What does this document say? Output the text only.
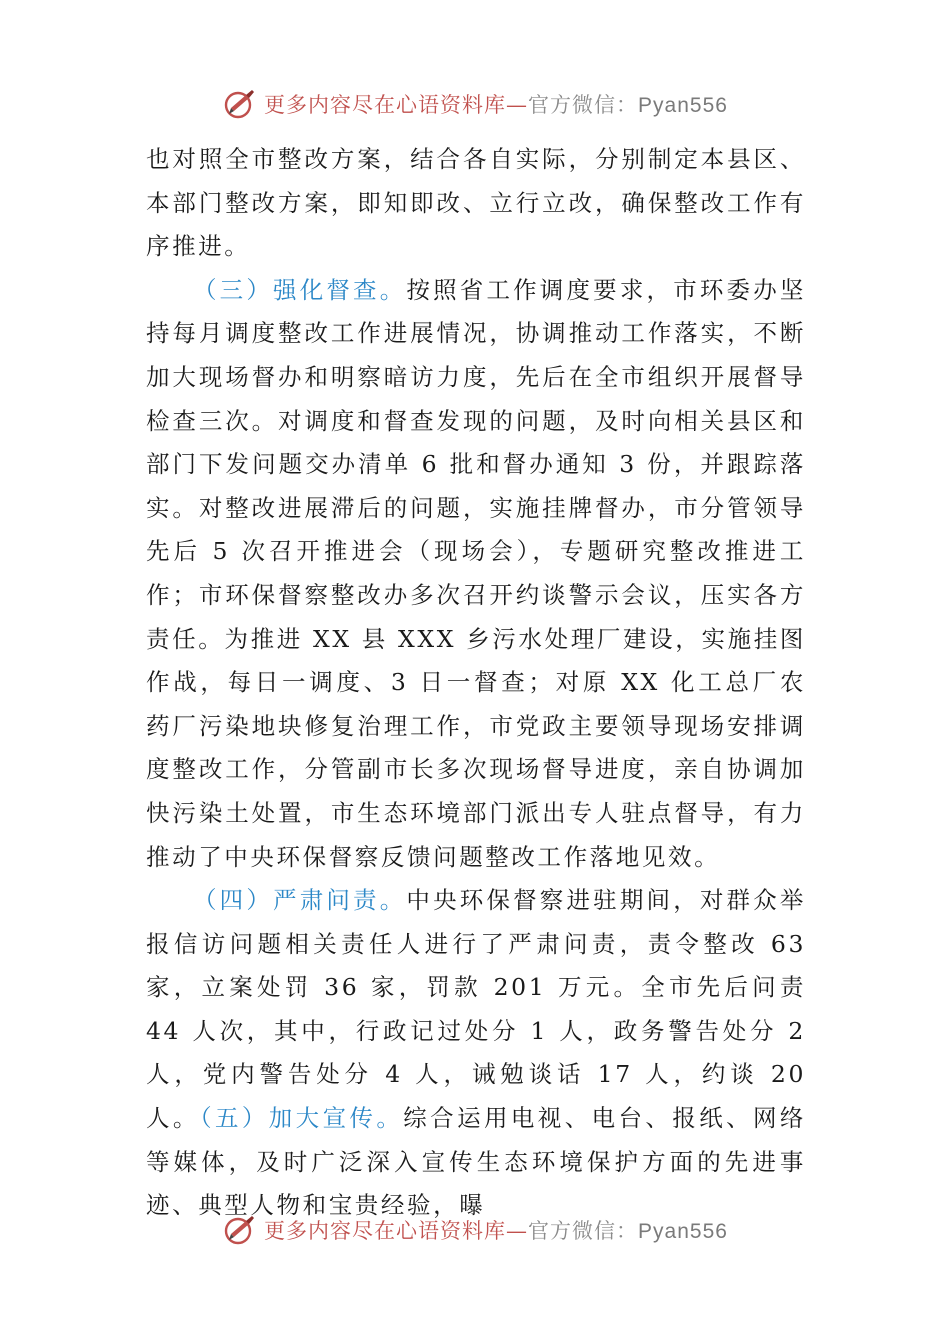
更多内容尽在心语资料库—官方微信：Pyan556

也对照全市整改方案，结合各自实际，分别制定本县区、本部门整改方案，即知即改、立行立改，确保整改工作有序推进。

（三）强化督查。按照省工作调度要求，市环委办坚持每月调度整改工作进展情况，协调推动工作落实，不断加大现场督办和明察暗访力度，先后在全市组织开展督导检查三次。对调度和督查发现的问题，及时向相关县区和部门下发问题交办清单 6 批和督办通知 3 份，并跟踪落实。对整改进展滞后的问题，实施挂牌督办，市分管领导先后 5 次召开推进会（现场会），专题研究整改推进工作；市环保督察整改办多次召开约谈警示会议，压实各方责任。为推进 XX 县 XXX 乡污水处理厂建设，实施挂图作战，每日一调度、3 日一督查；对原 XX 化工总厂农药厂污染地块修复治理工作，市党政主要领导现场安排调度整改工作，分管副市长多次现场督导进度，亲自协调加快污染土处置，市生态环境部门派出专人驻点督导，有力推动了中央环保督察反馈问题整改工作落地见效。

（四）严肃问责。中央环保督察进驻期间，对群众举报信访问题相关责任人进行了严肃问责，责令整改 63 家，立案处罚 36 家，罚款 201 万元。全市先后问责 44 人次，其中，行政记过处分 1 人，政务警告处分 2 人，党内警告处分 4 人，诫勉谈话 17 人，约谈 20 人。（五）加大宣传。综合运用电视、电台、报纸、网络等媒体，及时广泛深入宣传生态环境保护方面的先进事迹、典型人物和宝贵经验，曝

更多内容尽在心语资料库—官方微信：Pyan556
